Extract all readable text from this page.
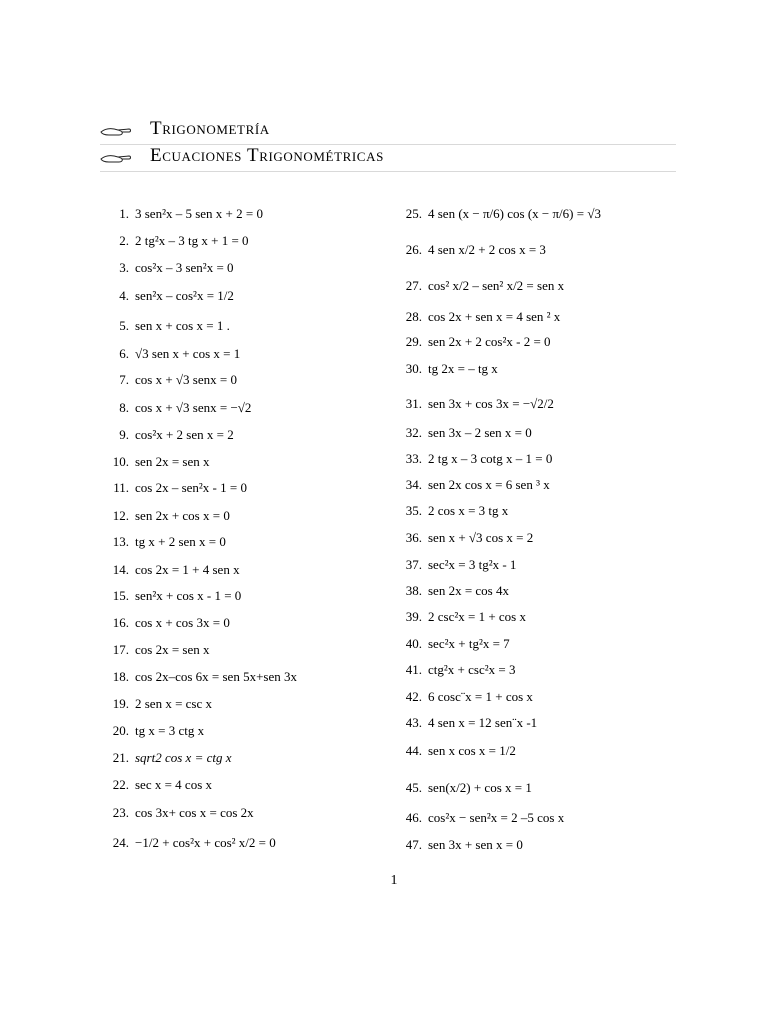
Trigonometría
Ecuaciones Trigonométricas
1. 3 sen²x – 5 sen x + 2 = 0
2. 2 tg²x – 3 tg x + 1 = 0
3. cos²x – 3 sen²x = 0
4. sen²x – cos²x = 1/2
5. sen x + cos x = 1 .
6. √3 sen x + cos x = 1
7. cos x + √3 senx = 0
8. cos x + √3 senx = −√2
9. cos²x + 2 sen x = 2
10. sen 2x = sen x
11. cos 2x – sen²x - 1 = 0
12. sen 2x + cos x = 0
13. tg x + 2 sen x = 0
14. cos 2x = 1 + 4 sen x
15. sen²x + cos x - 1 = 0
16. cos x + cos 3x = 0
17. cos 2x = sen x
18. cos 2x–cos 6x = sen 5x+sen 3x
19. 2 sen x = csc x
20. tg x = 3 ctg x
21. sqrt2 cos x = ctg x
22. sec x = 4 cos x
23. cos 3x+ cos x = cos 2x
24. −1/2 + cos²x + cos² x/2 = 0
25. 4 sen (x − π/6) cos (x − π/6) = √3
26. 4 sen x/2 + 2 cos x = 3
27. cos² x/2 – sen² x/2 = sen x
28. cos 2x + sen x = 4 sen ² x
29. sen 2x + 2 cos²x - 2 = 0
30. tg 2x = – tg x
31. sen 3x + cos 3x = −√2/2
32. sen 3x – 2 sen x = 0
33. 2 tg x – 3 cotg x – 1 = 0
34. sen 2x cos x = 6 sen ³ x
35. 2 cos x = 3 tg x
36. sen x + √3 cos x = 2
37. sec²x = 3 tg²x - 1
38. sen 2x = cos 4x
39. 2 csc²x = 1 + cos x
40. sec²x + tg²x = 7
41. ctg²x + csc²x = 3
42. 6 cosc¨x = 1 + cos x
43. 4 sen x = 12 sen¨x -1
44. sen x cos x = 1/2
45. sen(x/2) + cos x = 1
46. cos²x − sen²x = 2 –5 cos x
47. sen 3x + sen x = 0
1
